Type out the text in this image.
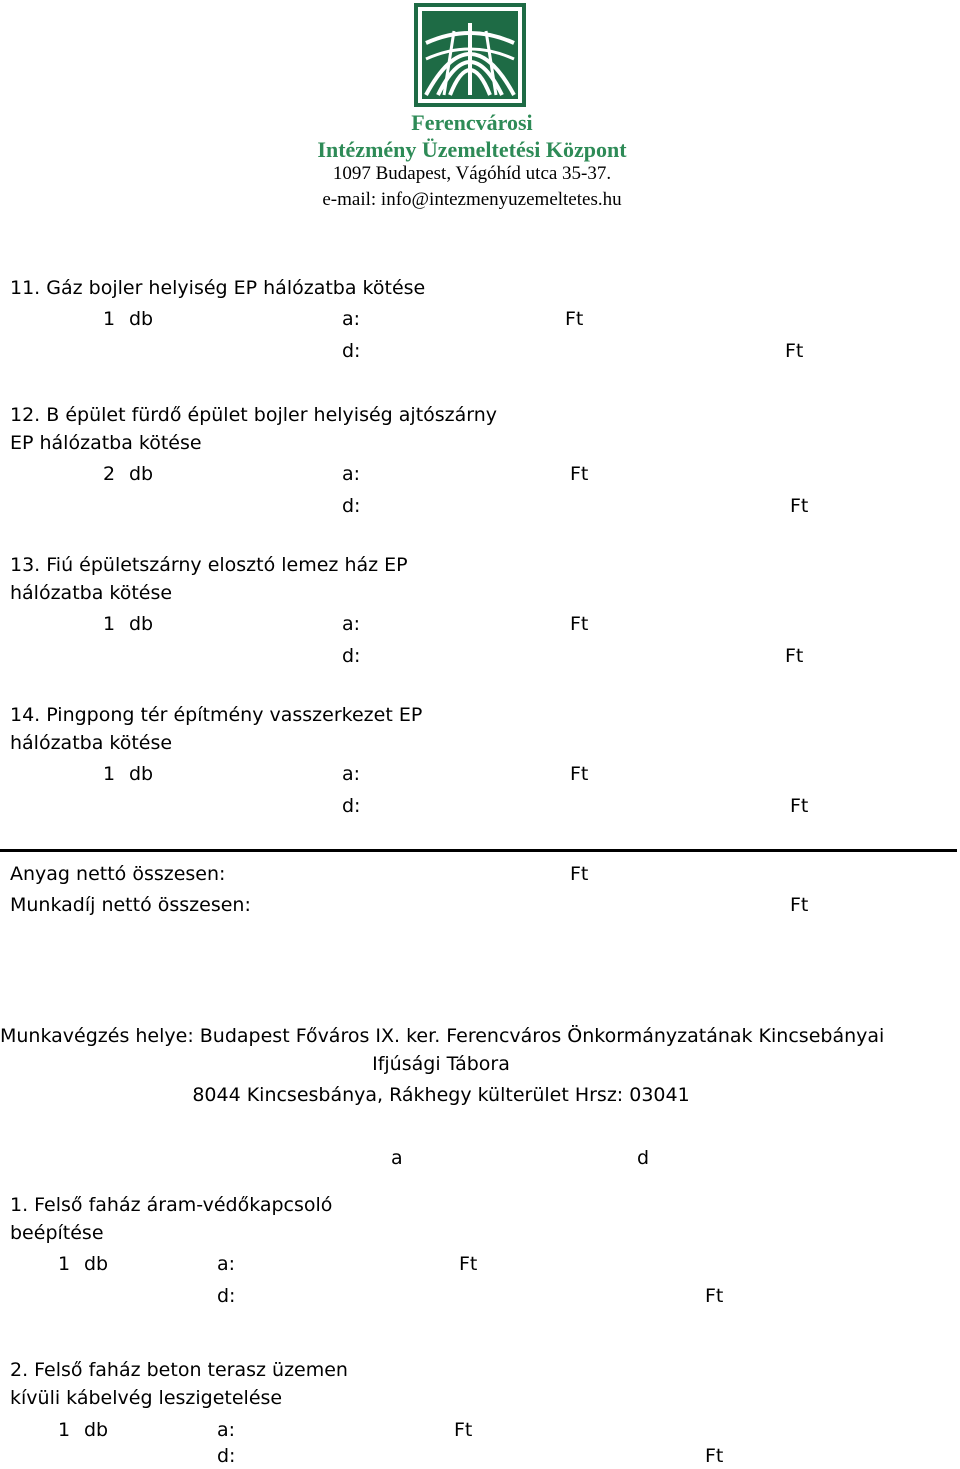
Ferencvárosi
Intézmény Üzemeltetési Központ
1097 Budapest, Vágóhíd utca 35-37.
e-mail: info@intezmenyuzemeltetes.hu
11. Gáz bojler helyiség EP hálózatba kötése
1 db	a:	Ft
d:	Ft
12. B épület fürdő épület bojler helyiség ajtószárny
EP hálózatba kötése
2 db	a:	Ft
d:	Ft
13. Fiú épületszárny elosztó lemez ház EP
hálózatba kötése
1 db	a:	Ft
d:	Ft
14. Pingpong tér építmény vasszerkezet EP
hálózatba kötése
1 db	a:	Ft
d:	Ft
Anyag nettó összesen:	Ft
Munkadíj nettó összesen:	Ft
Munkavégzés helye: Budapest Főváros IX. ker. Ferencváros Önkormányzatának Kincsebányai
Ifjúsági Tábora
8044 Kincsesbánya, Rákhegy külterület Hrsz: 03041
a	d
1. Felső faház áram-védőkapcsoló
beépítése
1 db	a:	Ft
d:	Ft
2. Felső faház beton terasz üzemen
kívüli kábelvég leszigetelése
1 db	a:	Ft
d:	Ft
